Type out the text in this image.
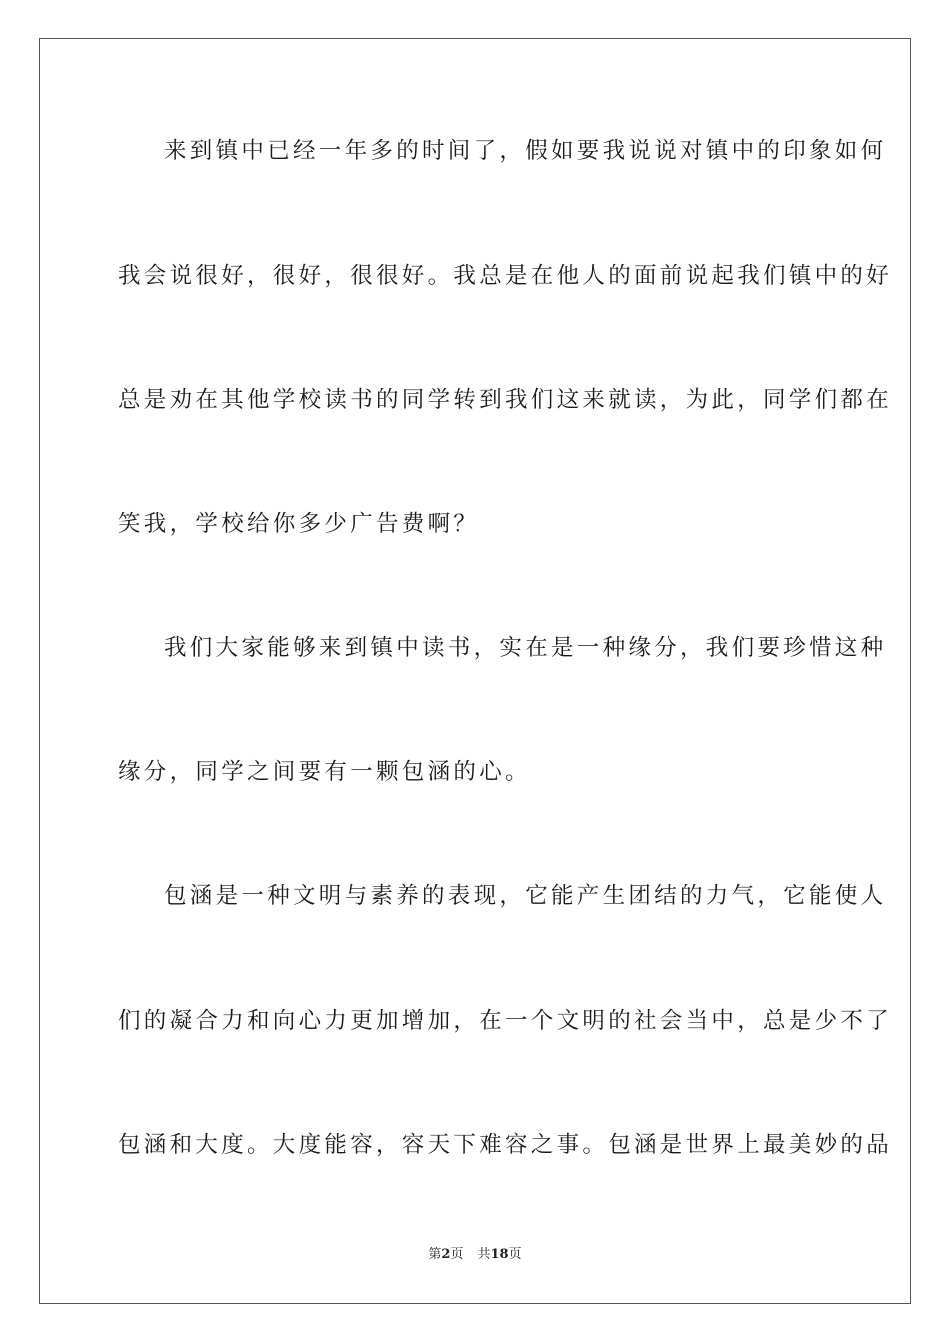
来到镇中已经一年多的时间了，假如要我说说对镇中的印象如何
我会说很好，很好，很很好。我总是在他人的面前说起我们镇中的好
总是劝在其他学校读书的同学转到我们这来就读，为此，同学们都在
笑我，学校给你多少广告费啊？
我们大家能够来到镇中读书，实在是一种缘分，我们要珍惜这种
缘分，同学之间要有一颗包涵的心。
包涵是一种文明与素养的表现，它能产生团结的力气，它能使人
们的凝合力和向心力更加增加，在一个文明的社会当中，总是少不了
包涵和大度。大度能容，容天下难容之事。包涵是世界上最美妙的品
第2页 共18页
